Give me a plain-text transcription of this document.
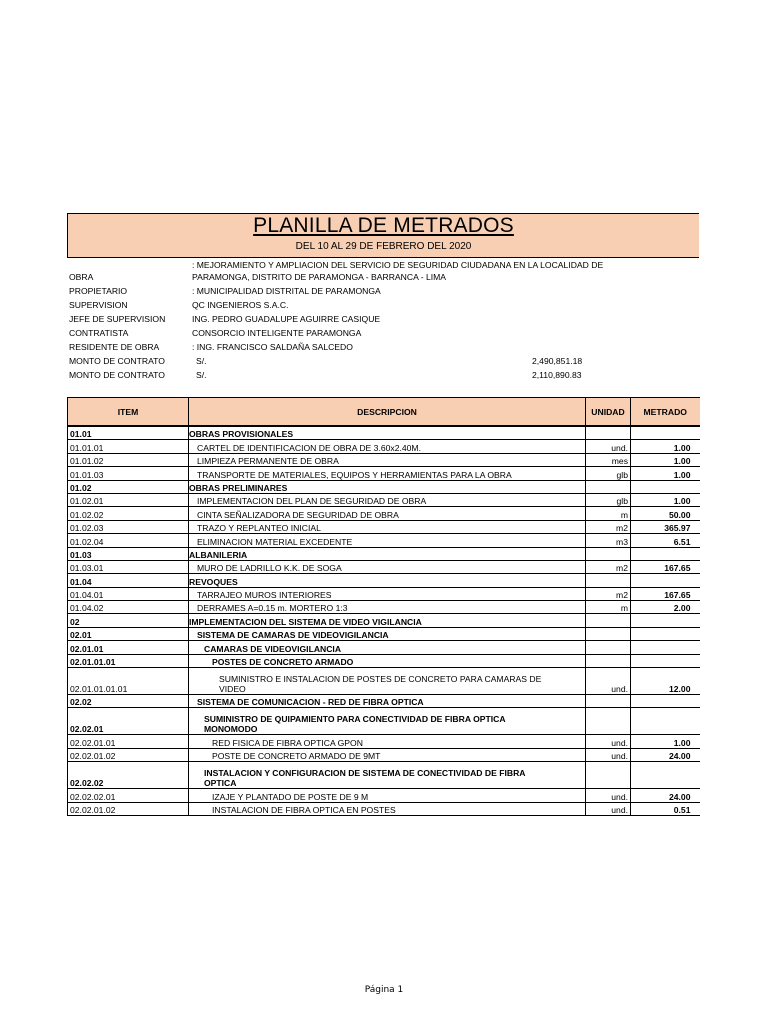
PLANILLA DE METRADOS
DEL 10 AL 29 DE FEBRERO DEL 2020
: MEJORAMIENTO Y AMPLIACION DEL SERVICIO DE SEGURIDAD CIUDADANA EN LA LOCALIDAD DE
OBRA	PARAMONGA, DISTRITO DE PARAMONGA - BARRANCA - LIMA
PROPIETARIO	: MUNICIPALIDAD DISTRITAL DE PARAMONGA
SUPERVISION	QC INGENIEROS S.A.C.
JEFE DE SUPERVISION	ING. PEDRO GUADALUPE AGUIRRE CASIQUE
CONTRATISTA	CONSORCIO INTELIGENTE PARAMONGA
RESIDENTE DE OBRA	: ING. FRANCISCO SALDAÑA SALCEDO
MONTO DE CONTRATO	S/.	2,490,851.18
MONTO DE CONTRATO	S/.	2,110,890.83
ITEM	DESCRIPCION	UNIDAD	METRADO
01.01	OBRAS PROVISIONALES		
01.01.01	CARTEL DE IDENTIFICACION DE OBRA DE 3.60x2.40M.	und.	1.00
01.01.02	LIMPIEZA PERMANENTE DE OBRA	mes	1.00
01.01.03	TRANSPORTE DE MATERIALES, EQUIPOS Y HERRAMIENTAS PARA LA OBRA	glb	1.00
01.02	OBRAS PRELIMINARES		
01.02.01	IMPLEMENTACION DEL PLAN DE SEGURIDAD DE OBRA	glb	1.00
01.02.02	CINTA SEÑALIZADORA DE SEGURIDAD DE OBRA	m	50.00
01.02.03	TRAZO Y REPLANTEO INICIAL	m2	365.97
01.02.04	ELIMINACION MATERIAL EXCEDENTE	m3	6.51
01.03	ALBANILERIA		
01.03.01	MURO DE LADRILLO K.K. DE SOGA	m2	167.65
01.04	REVOQUES		
01.04.01	TARRAJEO MUROS INTERIORES	m2	167.65
01.04.02	DERRAMES A=0.15 m. MORTERO 1:3	m	2.00
02	IMPLEMENTACION DEL SISTEMA DE VIDEO VIGILANCIA		
02.01	SISTEMA DE CAMARAS DE VIDEOVIGILANCIA		
02.01.01	CAMARAS DE VIDEOVIGILANCIA		
02.01.01.01	POSTES DE CONCRETO ARMADO		
02.01.01.01.01	SUMINISTRO E INSTALACION DE POSTES DE CONCRETO PARA CAMARAS DE VIDEO	und.	12.00
02.02	SISTEMA DE COMUNICACION - RED DE FIBRA OPTICA		
02.02.01	SUMINISTRO DE QUIPAMIENTO PARA CONECTIVIDAD DE FIBRA OPTICA MONOMODO		

02.02.01.01	RED FISICA DE FIBRA OPTICA GPON	und.	1.00
02.02.01.02	POSTE DE CONCRETO ARMADO DE 9MT	und.	24.00
02.02.02	INSTALACION Y CONFIGURACION DE SISTEMA DE CONECTIVIDAD DE FIBRA OPTICA		

02.02.02.01	IZAJE Y PLANTADO DE POSTE DE 9 M	und.	24.00
02.02.01.02	INSTALACION DE FIBRA OPTICA EN POSTES	und.	0.51
Página 1
